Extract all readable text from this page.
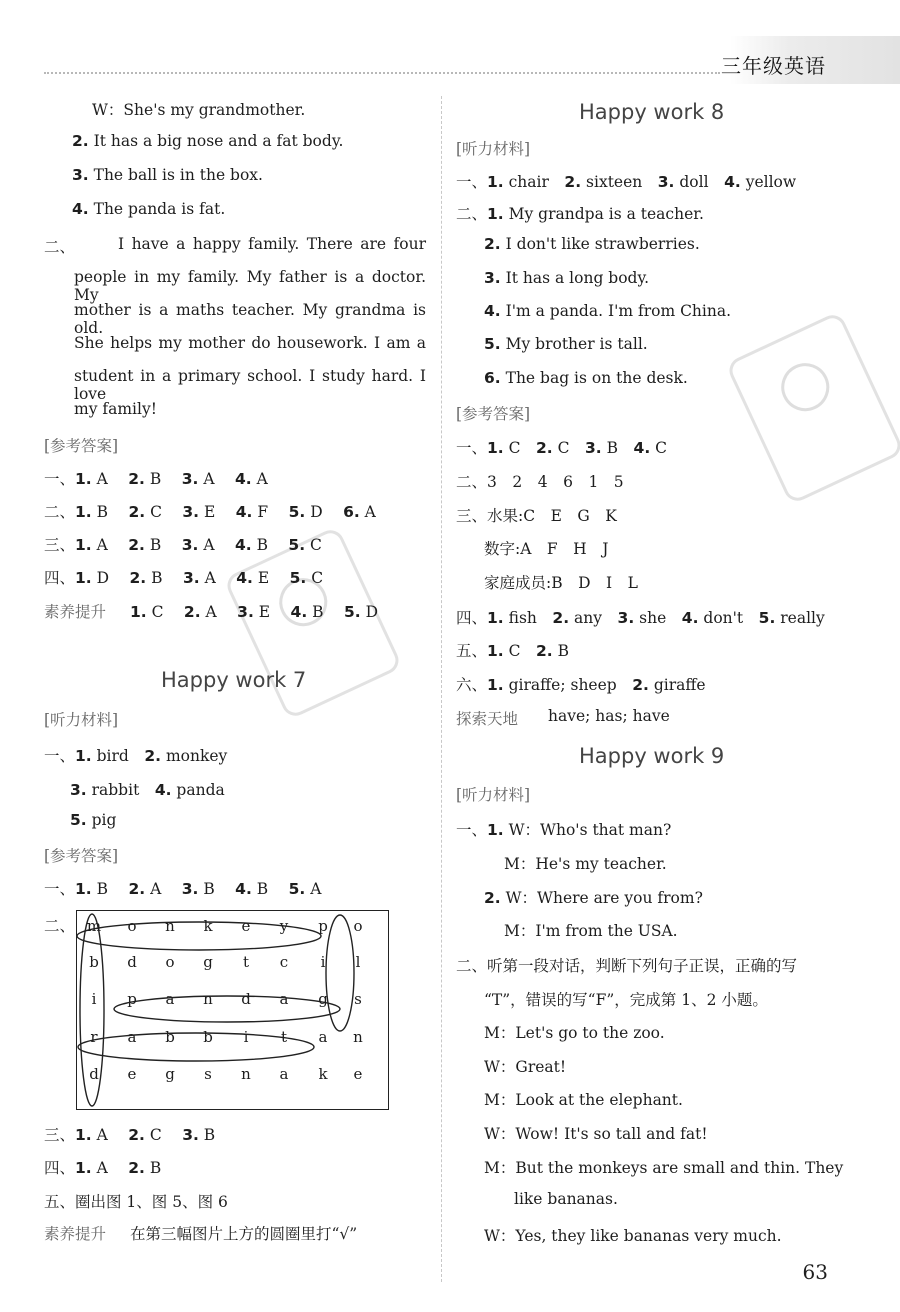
三年级英语
m	o	n	k	e	y	p	o
b	d	o	g	t	c	i	l
i	p	a	n	d	a	g	s
r	a	b	b	i	t	a	n
d	e	g	s	n	a	k	e
63
W：She's my grandmother.
2. It has a big nose and a fat body.
3. The ball is in the box.
4. The panda is fat.
二、	I have a happy family. There are four
people in my family. My father is a doctor. My
mother is a maths teacher. My grandma is old.
She helps my mother do housework. I am a
student in a primary school. I study hard. I love
my family!
[参考答案]
一、1. A　 2. B　 3. A　 4. A
二、1. B　 2. C　 3. E　 4. F　 5. D　 6. A
三、1. A　 2. B　 3. A　 4. B　 5. C
四、1. D　 2. B　 3. A　 4. E　 5. C
1. C　 2. A　 3. E　 4. B　 5. D
素养提升
Happy work 7
[听力材料]
一、1. bird　 2. monkey
3. rabbit　 4. panda
5. pig
[参考答案]
一、1. B　 2. A　 3. B　 4. B　 5. A
二、
三、1. A　 2. C　 3. B
四、1. A　 2. B
五、圈出图 1、图 5、图 6
素养提升 在第三幅图片上方的圆圈里打“√”
Happy work 8
[听力材料]
一、1. chair　 2. sixteen　 3. doll　 4. yellow
二、1. My grandpa is a teacher.
2. I don't like strawberries.
3. It has a long body.
4. I'm a panda. I'm from China.
5. My brother is tall.
6. The bag is on the desk.
[参考答案]
一、1. C　 2. C　 3. B　 4. C
二、3　2　4　6　1　5
三、水果:C　E　G　K
数字:A　F　H　J
家庭成员:B　D　I　L
四、1. fish　 2. any　 3. she　 4. don't　 5. really
五、1. C　 2. B
六、1. giraffe; sheep　 2. giraffe
探索天地 have; has; have
Happy work 9
[听力材料]
一、1. W：Who's that man?
M：He's my teacher.
2. W：Where are you from?
M：I'm from the USA.
二、听第一段对话，判断下列句子正误，正确的写
“T”，错误的写“F”，完成第 1、2 小题。
M：Let's go to the zoo.
W：Great!
M：Look at the elephant.
W：Wow! It's so tall and fat!
M：But the monkeys are small and thin. They
like bananas.
W：Yes, they like bananas very much.
